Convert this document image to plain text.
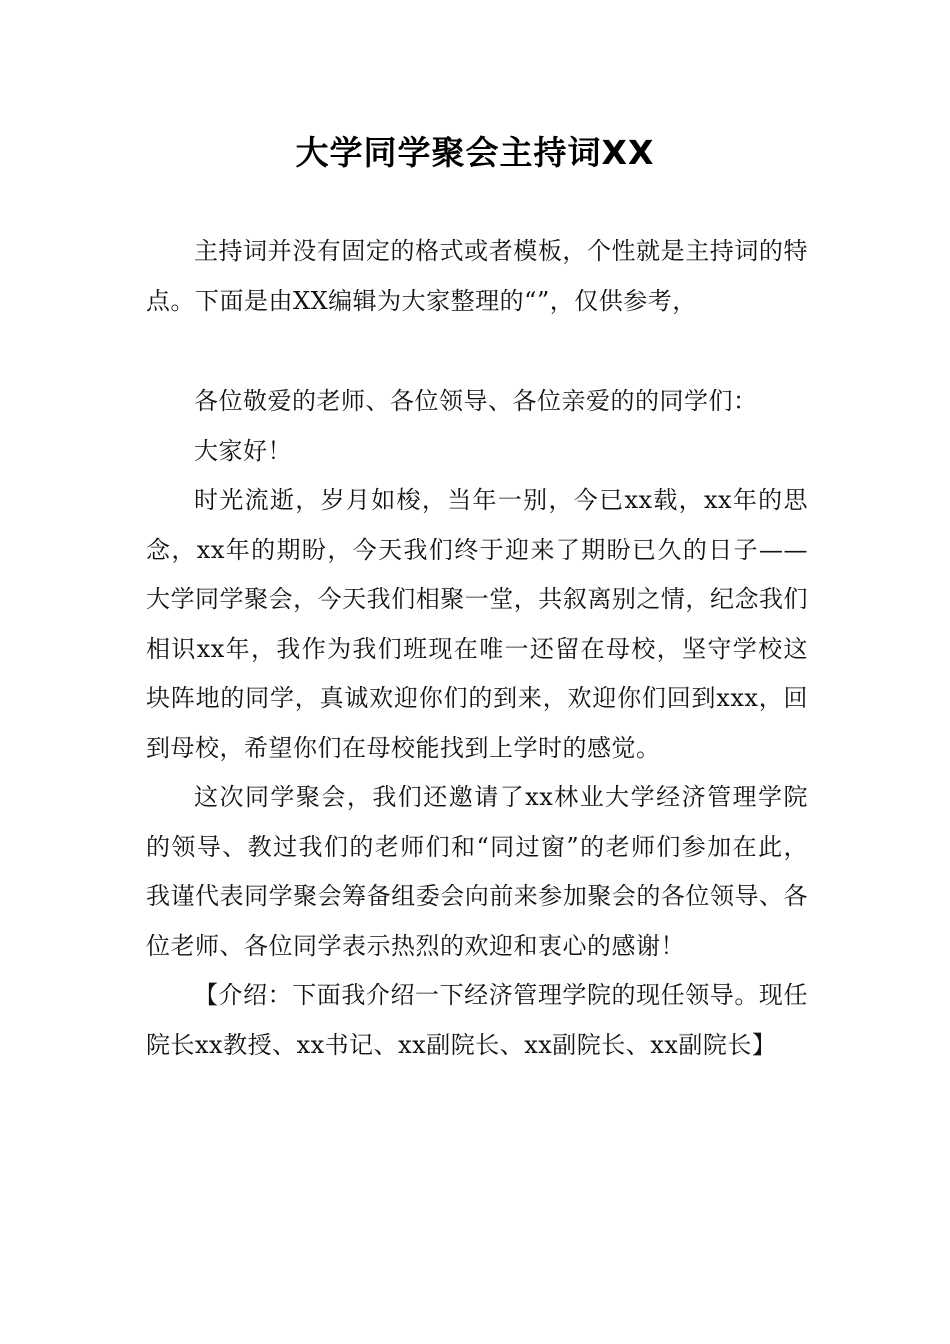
大学同学聚会主持词XX

主持词并没有固定的格式或者模板，个性就是主持词的特点。下面是由XX编辑为大家整理的“”，仅供参考，

各位敬爱的老师、各位领导、各位亲爱的的同学们：

大家好！

时光流逝，岁月如梭，当年一别，今已xx载，xx年的思念，xx年的期盼，今天我们终于迎来了期盼已久的日子——大学同学聚会，今天我们相聚一堂，共叙离别之情，纪念我们相识xx年，我作为我们班现在唯一还留在母校，坚守学校这块阵地的同学，真诚欢迎你们的到来，欢迎你们回到xxx，回到母校，希望你们在母校能找到上学时的感觉。

这次同学聚会，我们还邀请了xx林业大学经济管理学院的领导、教过我们的老师们和“同过窗”的老师们参加在此，我谨代表同学聚会筹备组委会向前来参加聚会的各位领导、各位老师、各位同学表示热烈的欢迎和衷心的感谢！

【介绍：下面我介绍一下经济管理学院的现任领导。现任院长xx教授、xx书记、xx副院长、xx副院长、xx副院长】
